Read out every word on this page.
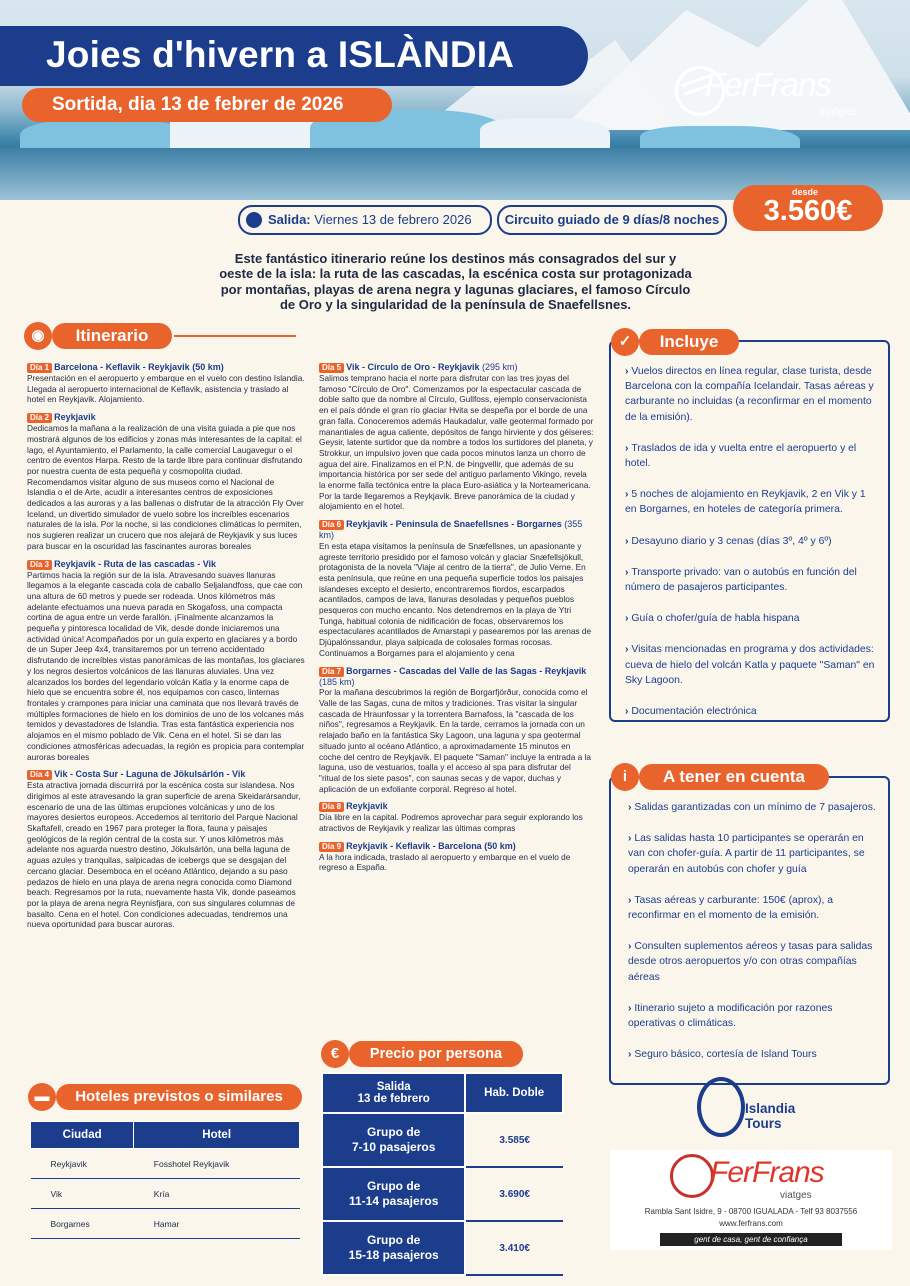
Joies d'hivern a ISLÀNDIA
Sortida, dia 13 de febrer de 2026
FerFrans
viatges
Salida: Viernes 13 de febrero 2026	Circuito guiado de 9 días/8 noches
desde
3.560€
Este fantástico itinerario reúne los destinos más consagrados del sur y oeste de la isla: la ruta de las cascadas, la escénica costa sur protagonizada por montañas, playas de arena negra y lagunas glaciares, el famoso Círculo de Oro y la singularidad de la península de Snaefellsnes.
◉	Itinerario
Día 1 Barcelona - Keflavik - Reykjavik (50 km)
Presentación en el aeropuerto y embarque en el vuelo con destino Islandia. Llegada al aeropuerto internacional de Keflavik, asistencia y traslado al hotel en Reykjavik. Alojamiento.
Día 2 Reykjavik
Dedicamos la mañana a la realización de una visita guiada a pie que nos mostrará algunos de los edificios y zonas más interesantes de la capital: el lago, el Ayuntamiento, el Parlamento, la calle comercial Laugavegur o el centro de eventos Harpa. Resto de la tarde libre para continuar disfrutando por nuestra cuenta de esta pequeña y cosmopolita ciudad. Recomendamos visitar alguno de sus museos como el Nacional de Islandia o el de Arte, acudir a interesantes centros de exposiciones dedicados a las auroras y a las ballenas o disfrutar de la atracción Fly Over Iceland, un divertido simulador de vuelo sobre los increíbles escenarios naturales de la isla. Por la noche, si las condiciones climáticas lo permiten, nos sugieren realizar un crucero que nos alejará de Reykjavik y sus luces para buscar en la oscuridad las fascinantes auroras boreales
Día 3 Reykjavik - Ruta de las cascadas - Vik
Partimos hacia la región sur de la isla. Atravesando suaves llanuras llegamos a la elegante cascada cola de caballo Seljalandfoss, que cae con una altura de 60 metros y puede ser rodeada. Unos kilómetros más adelante efectuamos una nueva parada en Skogafoss, una compacta cortina de agua entre un verde farallón. ¡Finalmente alcanzamos la pequeña y pintoresca localidad de Vik, desde donde iniciaremos una actividad única! Acompañados por un guía experto en glaciares y a bordo de un Super Jeep 4x4, transitaremos por un terreno accidentado disfrutando de increíbles vistas panorámicas de las montañas, los glaciares y los negros desiertos volcánicos de las llanuras aluviales. Una vez alcanzados los bordes del legendario volcán Katla y la enorme capa de hielo que se encuentra sobre él, nos equipamos con casco, linternas frontales y crampones para iniciar una caminata que nos llevará través de múltiples formaciones de hielo en los dominios de uno de los volcanes más temidos y devastadores de Islandia. Tras esta fantástica experiencia nos alojamos en el mismo poblado de Vik. Cena en el hotel. Si se dan las condiciones atmosféricas adecuadas, la región es propicia para contemplar auroras boreales
Día 4 Vik - Costa Sur - Laguna de Jökulsárlón - Vik
Esta atractiva jornada discurrirá por la escénica costa sur islandesa. Nos dirigimos al este atravesando la gran superficie de arena Skeidarársandur, escenario de una de las últimas erupciones volcánicas y uno de los mayores desiertos europeos. Accedemos al territorio del Parque Nacional Skaftafell, creado en 1967 para proteger la flora, fauna y paisajes geológicos de la región central de la costa sur. Y unos kilómetros más adelante nos aguarda nuestro destino, Jökulsárlón, una bella laguna de aguas azules y tranquilas, salpicadas de icebergs que se desgajan del cercano glaciar. Desemboca en el océano Atlántico, dejando a su paso pedazos de hielo en una playa de arena negra conocida como Diamond beach. Regresamos por la ruta, nuevamente hasta Vik, donde paseamos por la playa de arena negra Reynisfjara, con sus singulares columnas de basalto. Cena en el hotel. Con condiciones adecuadas, tendremos una nueva oportunidad para buscar auroras.
Día 5 Vik - Círculo de Oro - Reykjavik (295 km)
Salimos temprano hacia el norte para disfrutar con las tres joyas del famoso "Círculo de Oro". Comenzamos por la espectacular cascada de doble salto que da nombre al Círculo, Gullfoss, ejemplo conservacionista en el país dónde el gran río glaciar Hvita se despeña por el borde de una gran falla. Conoceremos además Haukadalur, valle geotermal formado por manantiales de agua caliente, depósitos de fango hirviente y dos géiseres: Geysir, latente surtidor que da nombre a todos los surtidores del planeta, y Strokkur, un impulsivo joven que cada pocos minutos lanza un chorro de agua del aire. Finalizamos en el P.N. de Þingvellir, que además de su importancia histórica por ser sede del antiguo parlamento Vikingo, revela la enorme falla tectónica entre la placa Euro-asiática y la Norteamericana. Por la tarde llegaremos a Reykjavik. Breve panorámica de la ciudad y alojamiento en el hotel.
Día 6 Reykjavik - Peninsula de Snaefellsnes - Borgarnes (355 km)
En esta etapa visitamos la península de Snæfellsnes, un apasionante y agreste territorio presidido por el famoso volcán y glaciar Snæfellsjökull, protagonista de la novela "Viaje al centro de la tierra", de Julio Verne. En esta península, que reúne en una pequeña superficie todos los paisajes islandeses excepto el desierto, encontraremos fiordos, escarpados acantilados, campos de lava, llanuras desoladas y pequeños pueblos pesqueros con mucho encanto. Nos detendremos en la playa de Ytri Tunga, habitual colonia de nidificación de focas, observaremos los espectaculares acantilados de Arnarstapi y pasearemos por las arenas de Djúpalónssandur, playa salpicada de colosales formas rocosas. Continuamos a Borgarnes para el alojamiento y cena
Día 7 Borgarnes - Cascadas del Valle de las Sagas - Reykjavik (185 km)
Por la mañana descubrimos la región de Borgarfjörður, conocida como el Valle de las Sagas, cuna de mitos y tradiciones. Tras visitar la singular cascada de Hraunfossar y la torrentera Barnafoss, la "cascada de los niños", regresamos a Reykjavik. En la tarde, cerramos la jornada con un relajado baño en la fantástica Sky Lagoon, una laguna y spa geotermal situado junto al océano Atlántico, a aproximadamente 15 minutos en coche del centro de Reykjavik. El paquete "Saman" incluye la entrada a la laguna, uso de vestuarios, toalla y el acceso al spa para disfrutar del "ritual de los siete pasos", con saunas secas y de vapor, duchas y aplicación de un exfoliante corporal. Regreso al hotel.
Día 8 Reykjavik
Día libre en la capital. Podremos aprovechar para seguir explorando los atractivos de Reykjavik y realizar las últimas compras
Día 9 Reykjavik - Keflavik - Barcelona (50 km)
A la hora indicada, traslado al aeropuerto y embarque en el vuelo de regreso a España.
✓	Incluye
› Vuelos directos en línea regular, clase turista, desde Barcelona con la compañía Icelandair. Tasas aéreas y carburante no incluidas (a reconfirmar en el momento de la emisión).
› Traslados de ida y vuelta entre el aeropuerto y el hotel.
› 5 noches de alojamiento en Reykjavik, 2 en Vik y 1 en Borgarnes, en hoteles de categoría primera.
› Desayuno diario y 3 cenas (días 3º, 4º y 6º)
› Transporte privado: van o autobús en función del número de pasajeros participantes.
› Guía o chofer/guía de habla hispana
› Visitas mencionadas en programa y dos actividades: cueva de hielo del volcán Katla y paquete "Saman" en Sky Lagoon.
› Documentación electrónica
i	A tener en cuenta
› Salidas garantizadas con un mínimo de 7 pasajeros.
› Las salidas hasta 10 participantes se operarán en van con chofer-guía. A partir de 11 participantes, se operarán en autobús con chofer y guía
› Tasas aéreas y carburante: 150€ (aprox), a reconfirmar en el momento de la emisión.
› Consulten suplementos aéreos y tasas para salidas desde otros aeropuertos y/o con otras compañías aéreas
› Itinerario sujeto a modificación por razones operativas o climáticas.
› Seguro básico, cortesía de Island Tours
▬	Hoteles previstos o similares
Ciudad	Hotel
Reykjavik	Fosshotel Reykjavik
Vik	Kría
Borgarnes	Hamar
€	Precio por persona
Salida
13 de febrero	Hab. Doble
Grupo de
7-10 pasajeros	3.585€
Grupo de
11-14 pasajeros	3.690€
Grupo de
15-18 pasajeros	3.410€
Islandia
Tours
FerFrans
viatges
Rambla Sant Isidre, 9 - 08700 IGUALADA - Telf 93 8037556
www.ferfrans.com
gent de casa, gent de confiança
